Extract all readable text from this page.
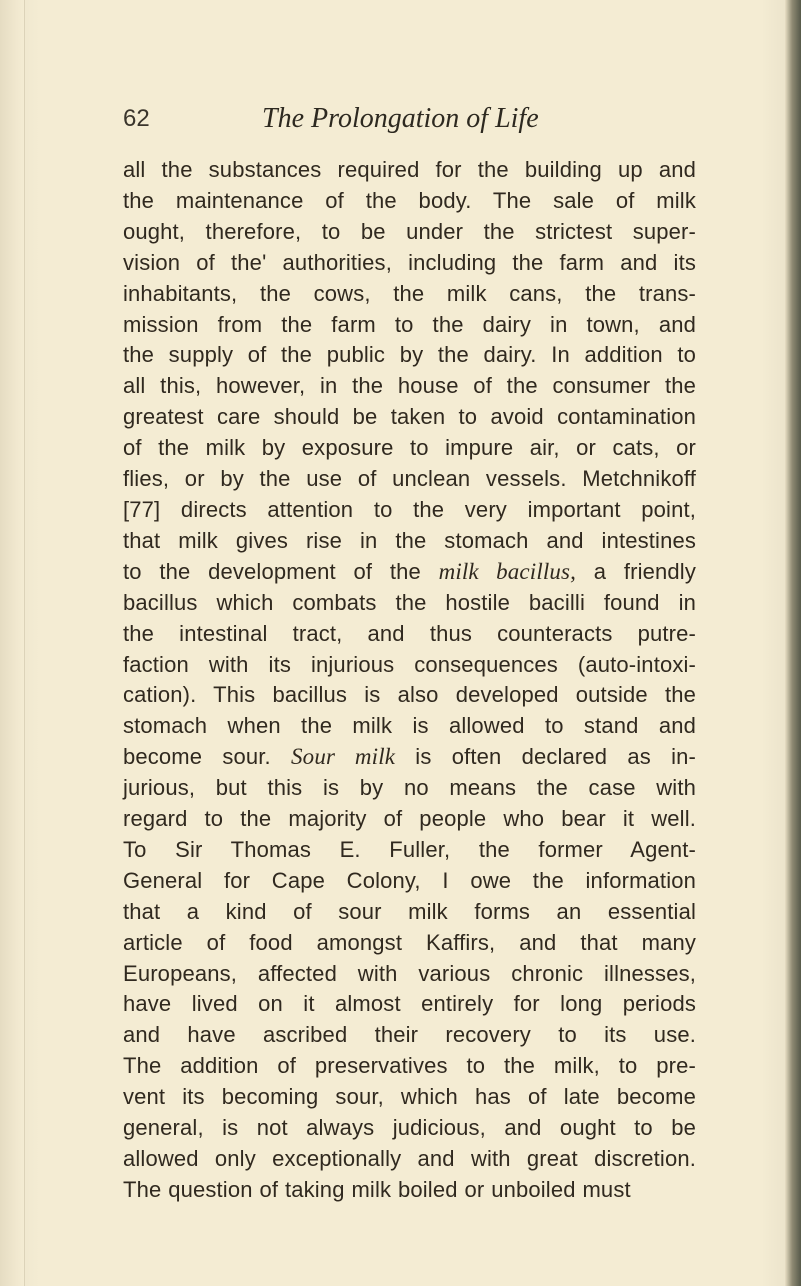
62	The Prolongation of Life
all the substances required for the building up and
the maintenance of the body. The sale of milk
ought, therefore, to be under the strictest super-
vision of the' authorities, including the farm and its
inhabitants, the cows, the milk cans, the trans-
mission from the farm to the dairy in town, and
the supply of the public by the dairy. In addition to
all this, however, in the house of the consumer the
greatest care should be taken to avoid contamination
of the milk by exposure to impure air, or cats, or
flies, or by the use of unclean vessels. Metchnikoff
[77] directs attention to the very important point,
that milk gives rise in the stomach and intestines
to the development of the milk bacillus, a friendly
bacillus which combats the hostile bacilli found in
the intestinal tract, and thus counteracts putre-
faction with its injurious consequences (auto-intoxi-
cation). This bacillus is also developed outside the
stomach when the milk is allowed to stand and
become sour. Sour milk is often declared as in-
jurious, but this is by no means the case with
regard to the majority of people who bear it well.
To Sir Thomas E. Fuller, the former Agent-
General for Cape Colony, I owe the information
that a kind of sour milk forms an essential
article of food amongst Kaffirs, and that many
Europeans, affected with various chronic illnesses,
have lived on it almost entirely for long periods
and have ascribed their recovery to its use.
The addition of preservatives to the milk, to pre-
vent its becoming sour, which has of late become
general, is not always judicious, and ought to be
allowed only exceptionally and with great discretion.
The question of taking milk boiled or unboiled must
